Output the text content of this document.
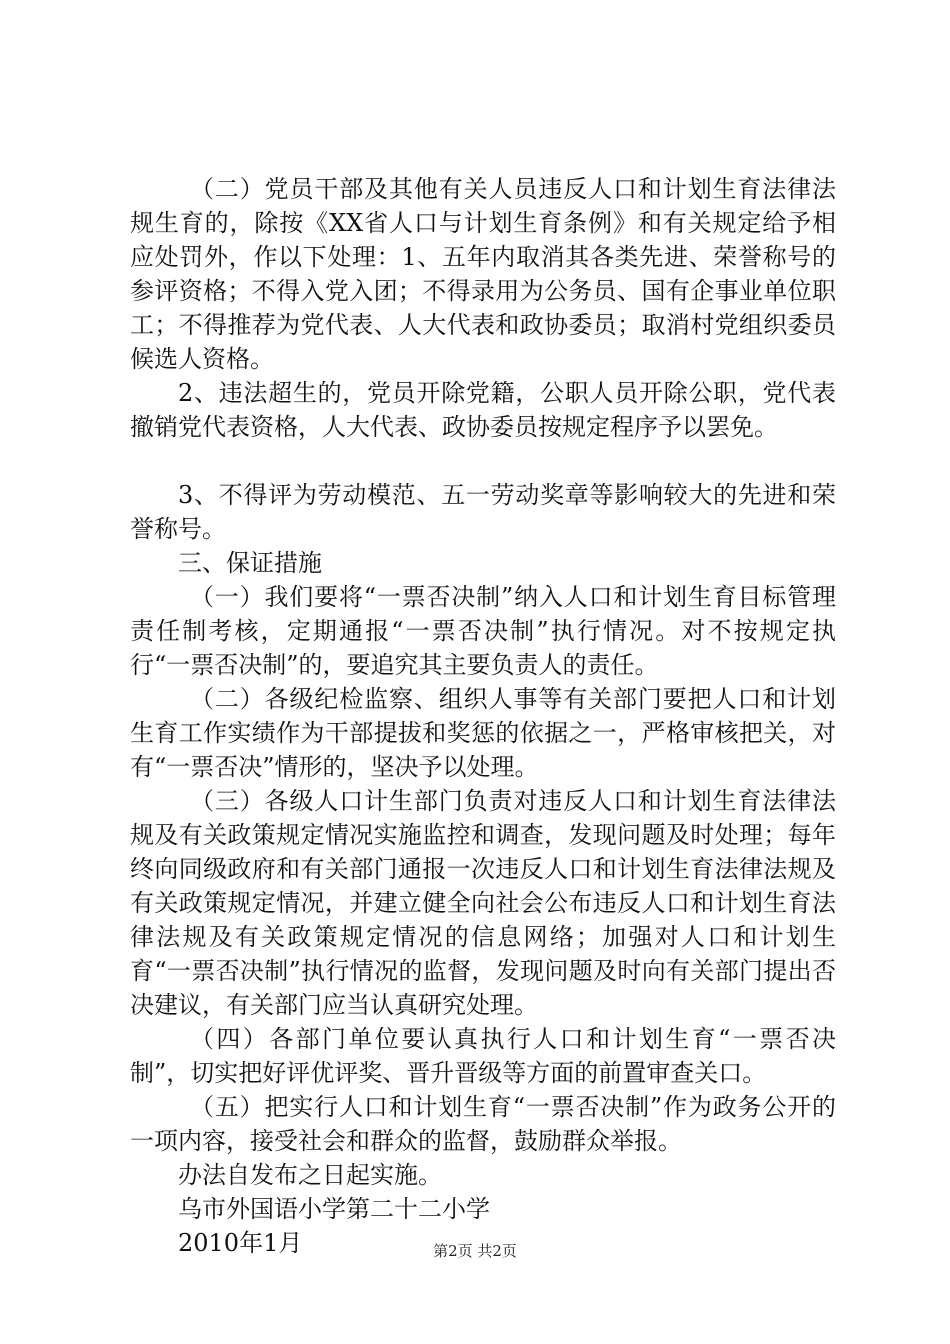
（二）党员干部及其他有关人员违反人口和计划生育法律法规生育的，除按《XX省人口与计划生育条例》和有关规定给予相应处罚外，作以下处理：1、五年内取消其各类先进、荣誉称号的参评资格；不得入党入团；不得录用为公务员、国有企事业单位职工；不得推荐为党代表、人大代表和政协委员；取消村党组织委员候选人资格。

2、违法超生的，党员开除党籍，公职人员开除公职，党代表撤销党代表资格，人大代表、政协委员按规定程序予以罢免。

3、不得评为劳动模范、五一劳动奖章等影响较大的先进和荣誉称号。

三、保证措施

（一）我们要将“一票否决制”纳入人口和计划生育目标管理责任制考核，定期通报“一票否决制”执行情况。对不按规定执行“一票否决制”的，要追究其主要负责人的责任。

（二）各级纪检监察、组织人事等有关部门要把人口和计划生育工作实绩作为干部提拔和奖惩的依据之一，严格审核把关，对有“一票否决”情形的，坚决予以处理。

（三）各级人口计生部门负责对违反人口和计划生育法律法规及有关政策规定情况实施监控和调查，发现问题及时处理；每年终向同级政府和有关部门通报一次违反人口和计划生育法律法规及有关政策规定情况，并建立健全向社会公布违反人口和计划生育法律法规及有关政策规定情况的信息网络；加强对人口和计划生育“一票否决制”执行情况的监督，发现问题及时向有关部门提出否决建议，有关部门应当认真研究处理。

（四）各部门单位要认真执行人口和计划生育“一票否决制”，切实把好评优评奖、晋升晋级等方面的前置审查关口。

（五）把实行人口和计划生育“一票否决制”作为政务公开的一项内容，接受社会和群众的监督，鼓励群众举报。

办法自发布之日起实施。

乌市外国语小学第二十二小学

2010年1月	第2页 共2页
